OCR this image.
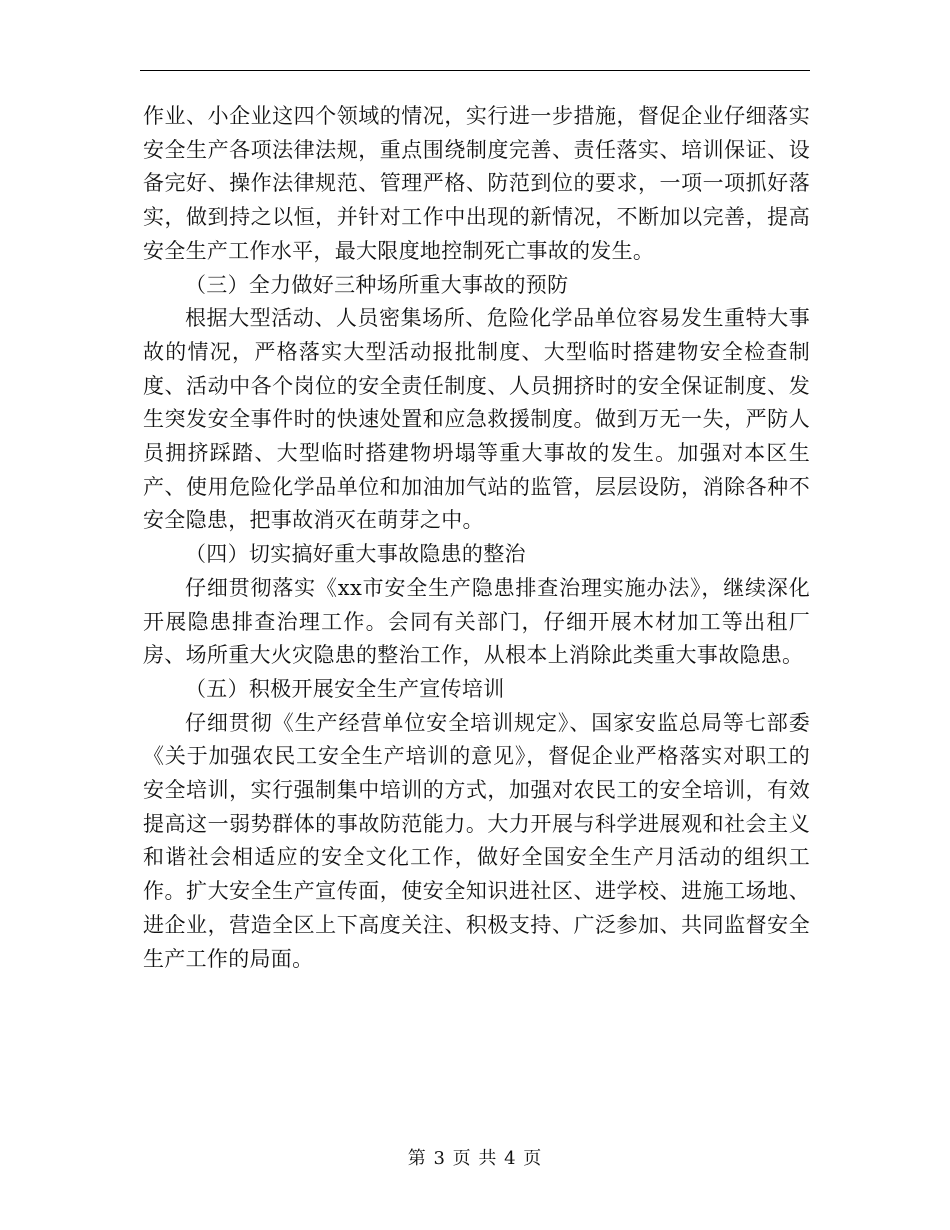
作业、小企业这四个领域的情况，实行进一步措施，督促企业仔细落实安全生产各项法律法规，重点围绕制度完善、责任落实、培训保证、设备完好、操作法律规范、管理严格、防范到位的要求，一项一项抓好落实，做到持之以恒，并针对工作中出现的新情况，不断加以完善，提高安全生产工作水平，最大限度地控制死亡事故的发生。

（三）全力做好三种场所重大事故的预防

根据大型活动、人员密集场所、危险化学品单位容易发生重特大事故的情况，严格落实大型活动报批制度、大型临时搭建物安全检查制度、活动中各个岗位的安全责任制度、人员拥挤时的安全保证制度、发生突发安全事件时的快速处置和应急救援制度。做到万无一失，严防人员拥挤踩踏、大型临时搭建物坍塌等重大事故的发生。加强对本区生产、使用危险化学品单位和加油加气站的监管，层层设防，消除各种不安全隐患，把事故消灭在萌芽之中。

（四）切实搞好重大事故隐患的整治

仔细贯彻落实《xx市安全生产隐患排查治理实施办法》，继续深化开展隐患排查治理工作。会同有关部门，仔细开展木材加工等出租厂房、场所重大火灾隐患的整治工作，从根本上消除此类重大事故隐患。

（五）积极开展安全生产宣传培训

仔细贯彻《生产经营单位安全培训规定》、国家安监总局等七部委《关于加强农民工安全生产培训的意见》，督促企业严格落实对职工的安全培训，实行强制集中培训的方式，加强对农民工的安全培训，有效提高这一弱势群体的事故防范能力。大力开展与科学进展观和社会主义和谐社会相适应的安全文化工作，做好全国安全生产月活动的组织工作。扩大安全生产宣传面，使安全知识进社区、进学校、进施工场地、进企业，营造全区上下高度关注、积极支持、广泛参加、共同监督安全生产工作的局面。

第 3 页 共 4 页
